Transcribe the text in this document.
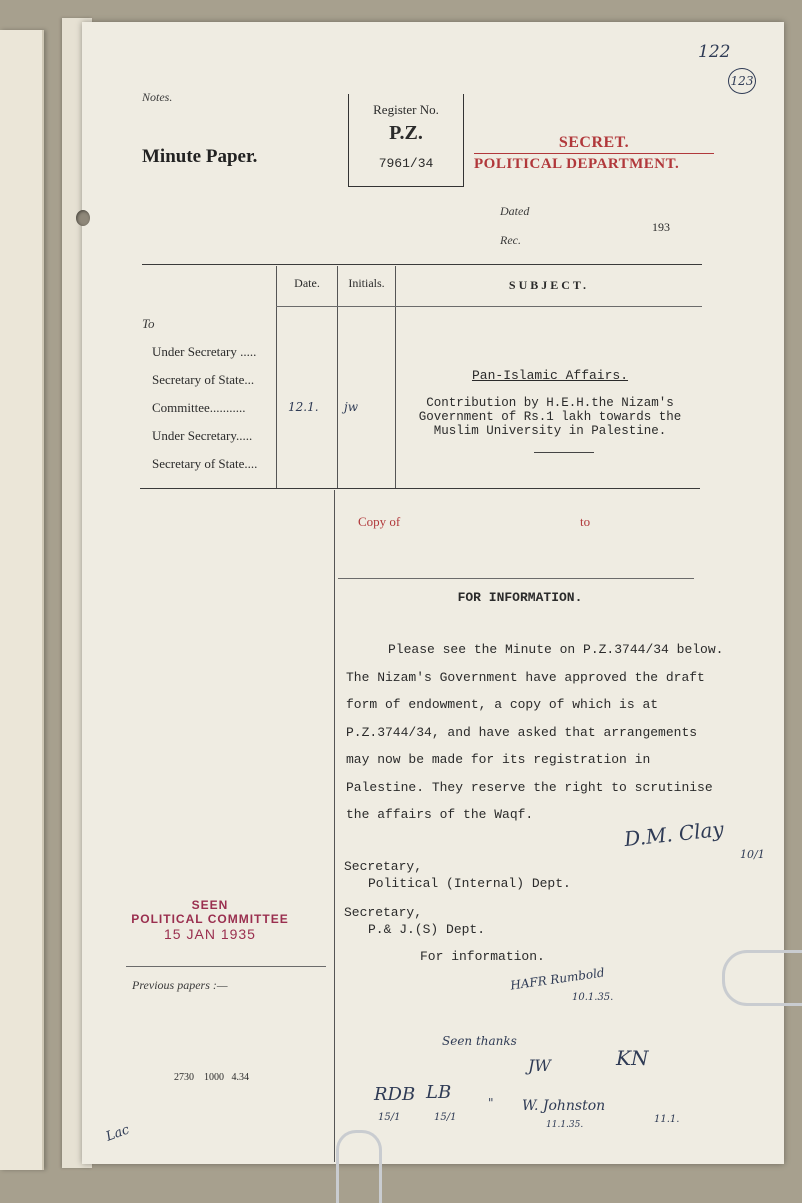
122
123
Notes.
Minute Paper.
Register No.
P.Z.
7961/34
SECRET.
POLITICAL DEPARTMENT.
Dated
193
Rec.
Date.	Initials.	SUBJECT.
To
Under Secretary .....
Secretary of State...
Committee...........
Under Secretary.....
Secretary of State....
12.1. jw
Pan-Islamic Affairs.
Contribution by H.E.H.the Nizam's
Government of Rs.1 lakh towards the
Muslim University in Palestine.
Copy of	to
FOR INFORMATION.
Please see the Minute on P.Z.3744/34 below.
The Nizam's Government have approved the draft
form of endowment, a copy of which is at
P.Z.3744/34, and have asked that arrangements
may now be made for its registration in
Palestine. They reserve the right to scrutinise
the affairs of the Waqf.
D.M. Clay
10/1
Secretary,
Political (Internal) Dept.
Secretary,
P.& J.(S) Dept.
For information.
HAFR Rumbold
10.1.35.
Seen thanks
RDB LB
JW	KN
15/1	15/1
" W. Johnston
11.1.35.	11.1.
SEEN
POLITICAL COMMITTEE
15 JAN 1935
Previous papers :—
2730    1000   4.34
Lac
